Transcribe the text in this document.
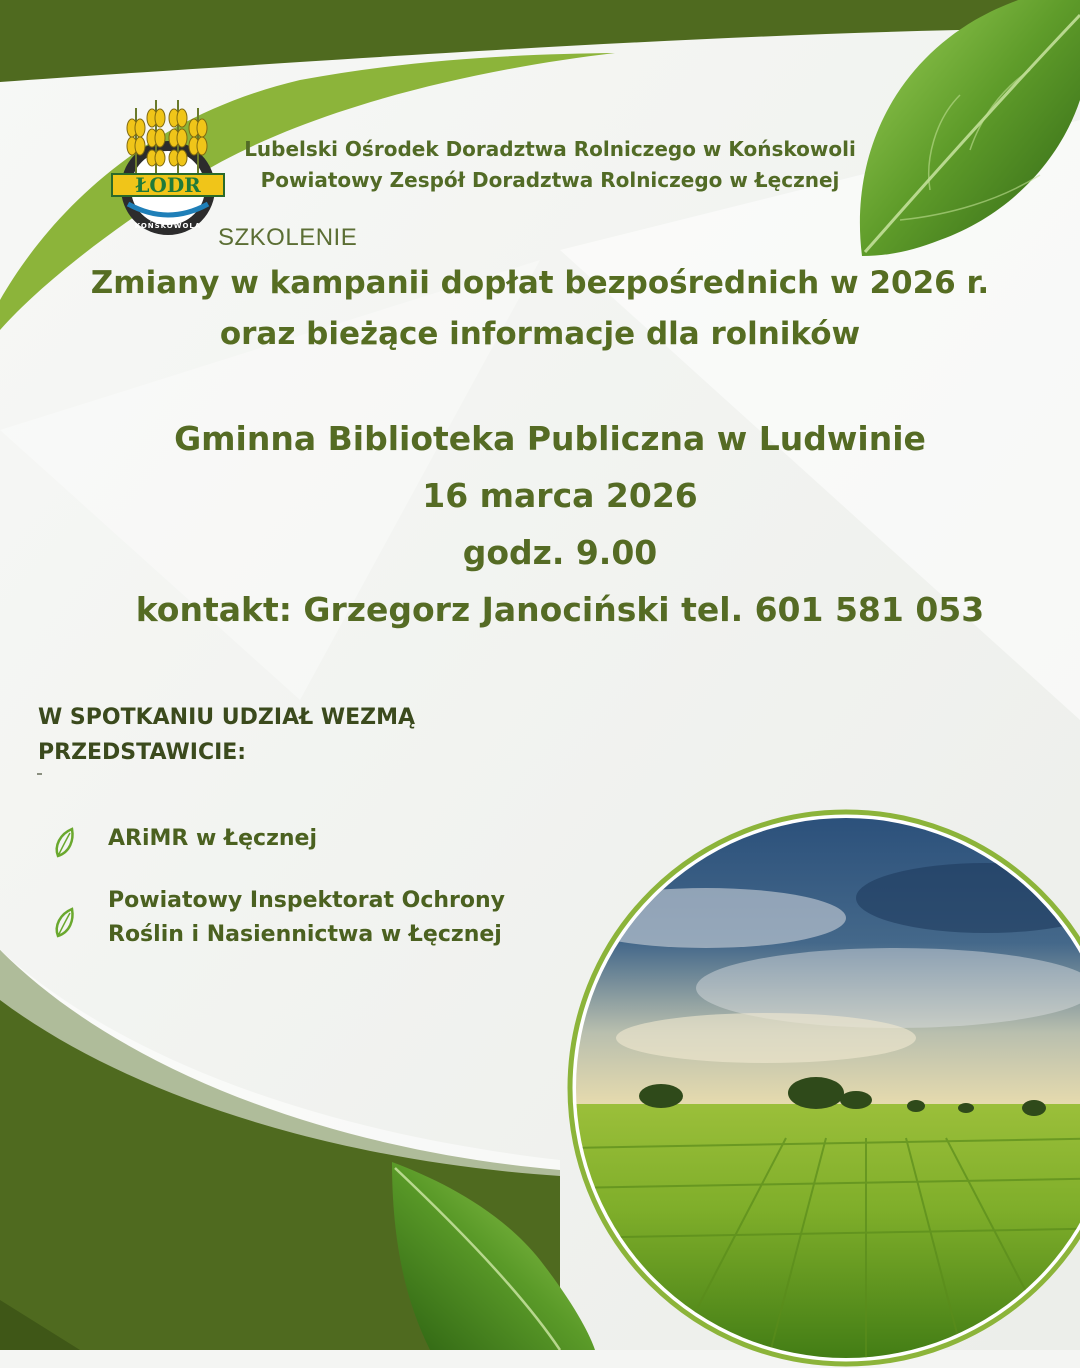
ŁODR
KOŃSKOWOLA
Lubelski Ośrodek Doradztwa Rolniczego w Końskowoli
Powiatowy Zespół Doradztwa Rolniczego w Łęcznej
SZKOLENIE
Zmiany w kampanii dopłat bezpośrednich w 2026 r.
oraz bieżące informacje dla rolników
Gminna Biblioteka Publiczna w Ludwinie
16 marca 2026
godz. 9.00
kontakt: Grzegorz Janociński tel. 601 581 053
W SPOTKANIU UDZIAŁ WEZMĄ
PRZEDSTAWICIE:
ARiMR w Łęcznej
Powiatowy Inspektorat Ochrony
Roślin i Nasiennictwa w Łęcznej
